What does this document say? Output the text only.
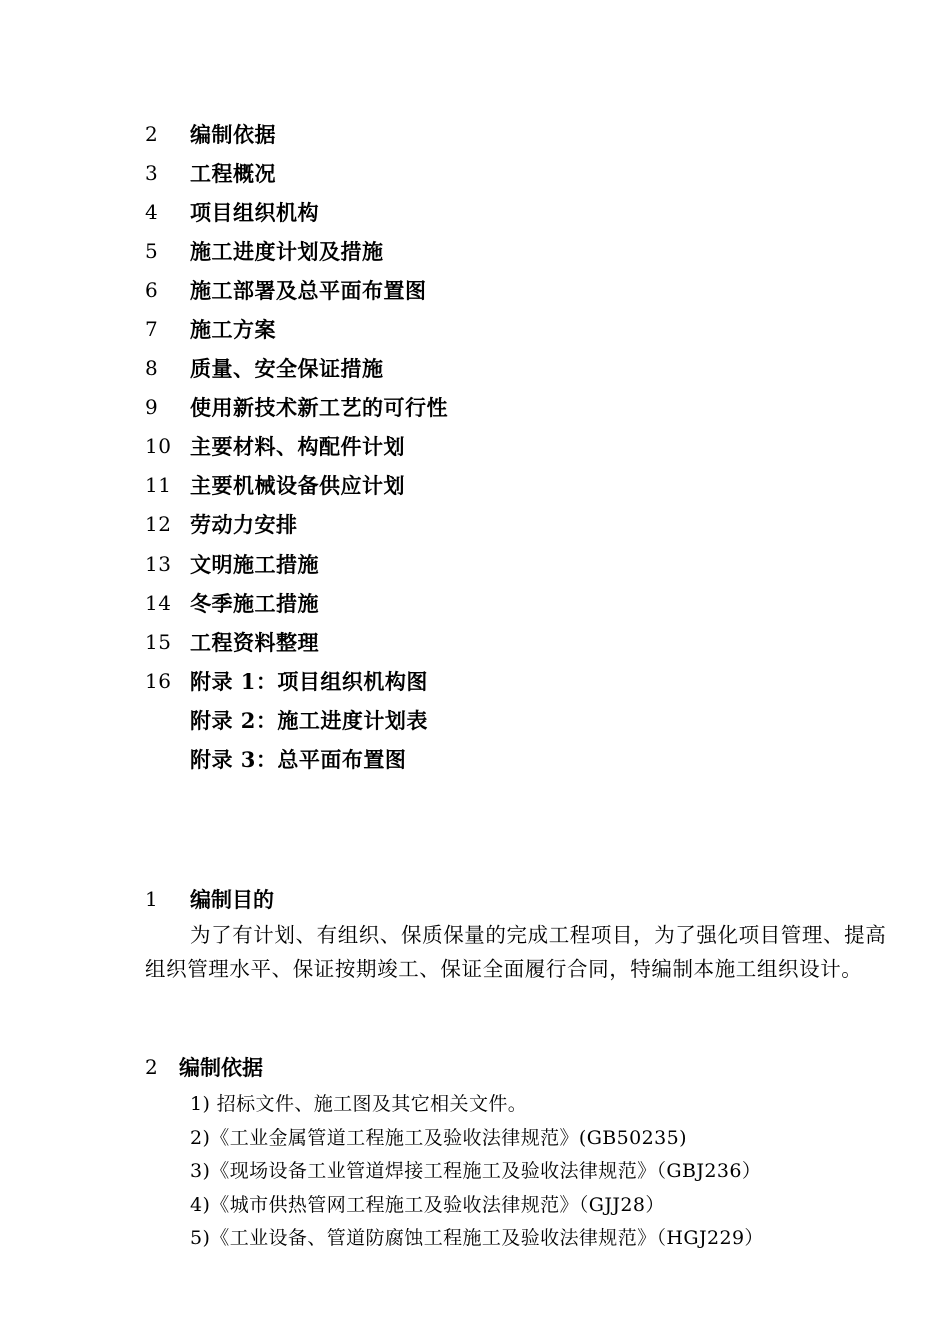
2	编制依据
3	工程概况
4	项目组织机构
5	施工进度计划及措施
6	施工部署及总平面布置图
7	施工方案
8	质量、安全保证措施
9	使用新技术新工艺的可行性
10 主要材料、构配件计划
11 主要机械设备供应计划
12 劳动力安排
13 文明施工措施
14 冬季施工措施
15 工程资料整理
16 附录 1：项目组织机构图
附录 2：施工进度计划表
附录 3：总平面布置图
1	编制目的
为了有计划、有组织、保质保量的完成工程项目，为了强化项目管理、提高组织管理水平、保证按期竣工、保证全面履行合同，特编制本施工组织设计。
2	编制依据
1) 招标文件、施工图及其它相关文件。
2)《工业金属管道工程施工及验收法律规范》(GB50235)
3)《现场设备工业管道焊接工程施工及验收法律规范》（GBJ236）
4)《城市供热管网工程施工及验收法律规范》（GJJ28）
5)《工业设备、管道防腐蚀工程施工及验收法律规范》（HGJ229）
